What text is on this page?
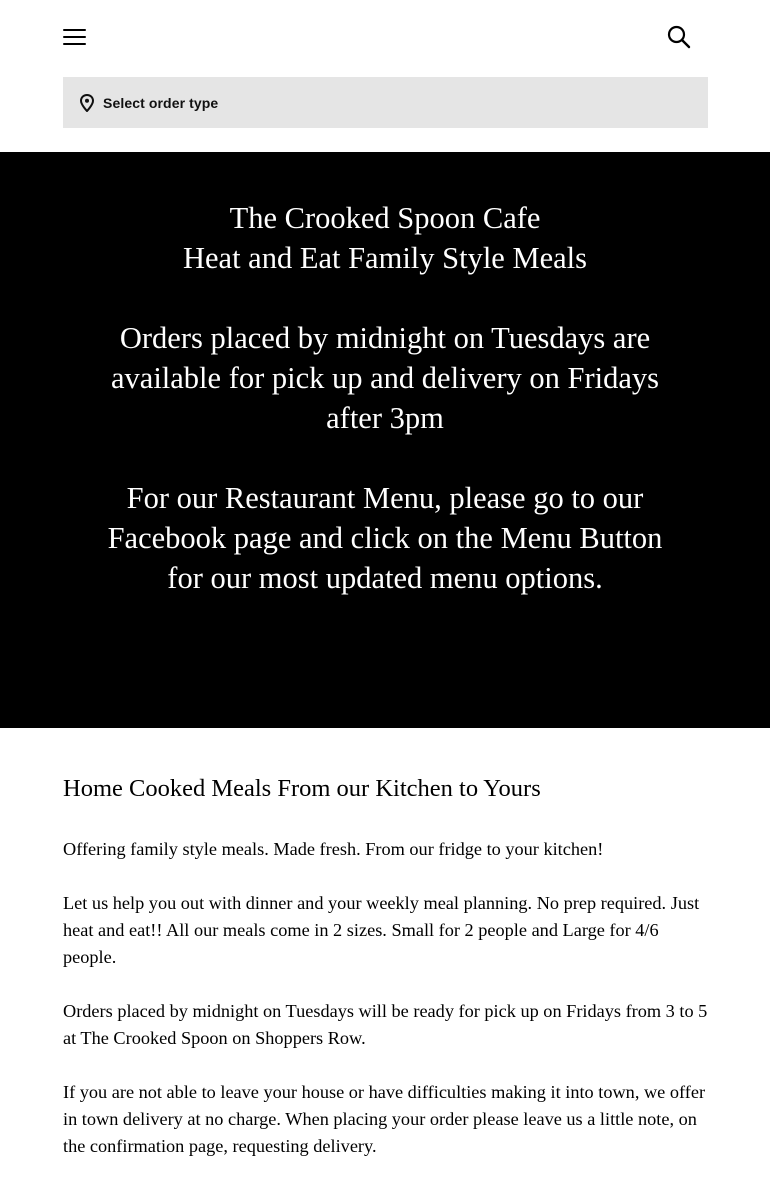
Select order type

The Crooked Spoon Cafe

Heat and Eat Family Style Meals

Orders placed by midnight on Tuesdays are available for pick up and delivery on Fridays after 3pm

For our Restaurant Menu, please go to our Facebook page and click on the Menu Button for our most updated menu options.

Home Cooked Meals From our Kitchen to Yours

Offering family style meals. Made fresh. From our fridge to your kitchen!

Let us help you out with dinner and your weekly meal planning. No prep required. Just heat and eat!! All our meals come in 2 sizes. Small for 2 people and Large for 4/6 people.

Orders placed by midnight on Tuesdays will be ready for pick up on Fridays from 3 to 5 at The Crooked Spoon on Shoppers Row.

If you are not able to leave your house or have difficulties making it into town, we offer in town delivery at no charge. When placing your order please leave us a little note, on the confirmation page, requesting delivery.
